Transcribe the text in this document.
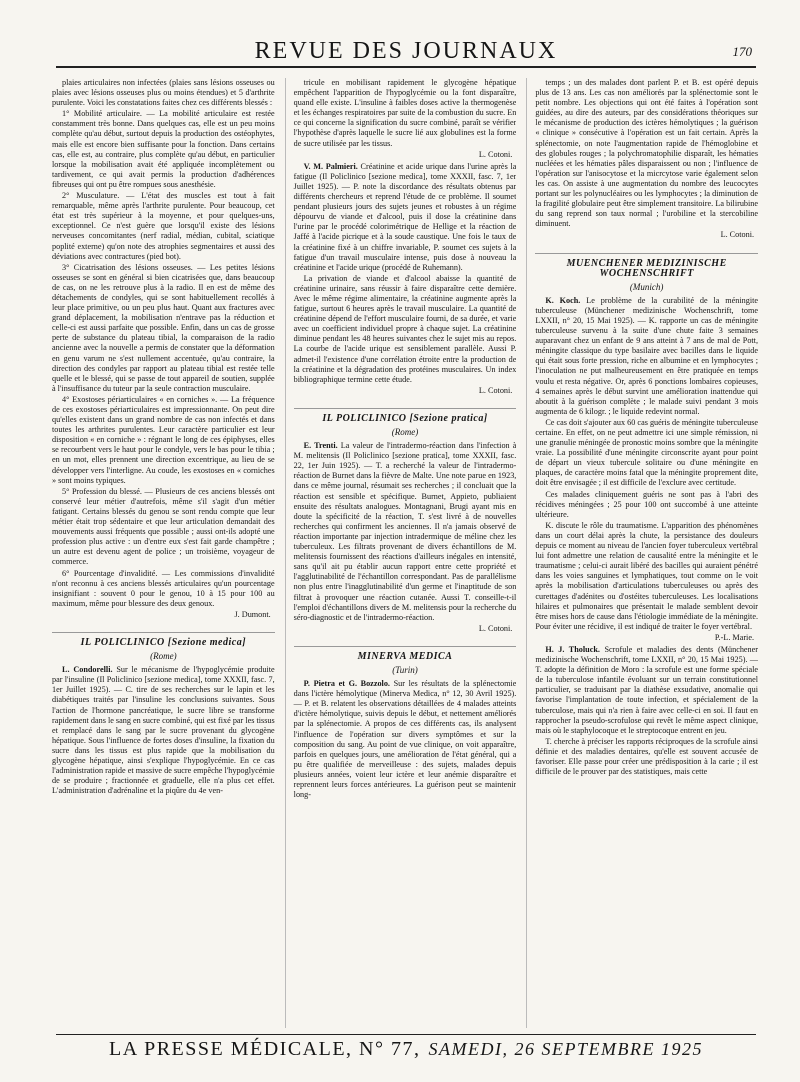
REVUE DES JOURNAUX	170

plaies articulaires non infectées (plaies sans lésions osseuses ou plaies avec lésions osseuses plus ou moins étendues) et 5 d'arthrite purulente. Voici les constatations faites chez ces différents blessés :

1° Mobilité articulaire. — La mobilité articulaire est restée constamment très bonne. Dans quelques cas, elle est un peu moins complète qu'au début, surtout depuis la production des ostéophytes, mais elle est encore bien suffisante pour la fonction. Dans certains cas, elle est, au contraire, plus complète qu'au début, en particulier lorsque la mobilisation avait été appliquée incomplètement ou tardivement, ce qui avait permis la production d'adhérences fibreuses qui ont pu être rompues sous anesthésie.

2° Musculature. — L'état des muscles est tout à fait remarquable, même après l'arthrite purulente. Pour beaucoup, cet état est très supérieur à la moyenne, et pour quelques-uns, exceptionnel. Ce n'est guère que lorsqu'il existe des lésions nerveuses concomitantes (nerf radial, médian, cubital, sciatique poplité externe) qu'on note des atrophies segmentaires et aussi des déviations avec contractures (pied bot).

3° Cicatrisation des lésions osseuses. — Les petites lésions osseuses se sont en général si bien cicatrisées que, dans beaucoup de cas, on ne les retrouve plus à la radio. Il en est de même des détachements de condyles, qui se sont habituellement recollés à leur place primitive, ou un peu plus haut. Quant aux fractures avec grand déplacement, la mobilisation n'entrave pas la réduction et celle-ci est aussi parfaite que possible. Enfin, dans un cas de grosse perte de substance du plateau tibial, la comparaison de la radio ancienne avec la nouvelle a permis de constater que la déformation en genu varum ne s'est nullement accentuée, qu'au contraire, la direction des condyles par rapport au plateau tibial est restée telle quelle et le blessé, qui se passe de tout appareil de soutien, supplée à l'insuffisance du tuteur par la seule contraction musculaire.

4° Exostoses périarticulaires « en corniches ». — La fréquence de ces exostoses périarticulaires est impressionnante. On peut dire qu'elles existent dans un grand nombre de cas non infectés et dans toutes les arthrites purulentes. Leur caractère particulier est leur disposition « en corniche » : régnant le long de ces épiphyses, elles se recourbent vers le haut pour le condyle, vers le bas pour le tibia ; en un mot, elles prennent une direction excentrique, au lieu de se développer vers l'interligne. Au coude, les exostoses en « corniches » sont moins typiques.

5° Profession du blessé. — Plusieurs de ces anciens blessés ont conservé leur métier d'autrefois, même s'il s'agit d'un métier fatigant. Certains blessés du genou se sont rendu compte que leur métier était trop sédentaire et que leur articulation demandait des mouvements aussi fréquents que possible ; aussi ont-ils adopté une profession plus active : un d'entre eux s'est fait garde champêtre ; un autre est devenu agent de police ; un troisième, voyageur de commerce.

6° Pourcentage d'invalidité. — Les commissions d'invalidité n'ont reconnu à ces anciens blessés articulaires qu'un pourcentage insignifiant : souvent 0 pour le genou, 10 à 15 pour 100 au maximum, même pour blessure des deux genoux.

J. Dumont.
IL POLICLINICO [Sezione medica]
(Rome)

L. Condorelli. Sur le mécanisme de l'hypoglycémie produite par l'insuline (Il Policlinico [sezione medica], tome XXXII, fasc. 7, 1er Juillet 1925). — C. tire de ses recherches sur le lapin et les diabétiques traités par l'insuline les conclusions suivantes. Sous l'action de l'hormone pancréatique, le sucre libre se transforme rapidement dans le sang en sucre combiné, qui est fixé par les tissus et remplacé dans le sang par le sucre provenant du glycogène hépatique. Sous l'influence de fortes doses d'insuline, la fixation du sucre dans les tissus est plus rapide que la mobilisation du glycogène hépatique, ainsi s'explique l'hypoglycémie. En ce cas l'administration rapide et massive de sucre empêche l'hypoglycémie de se produire ; fractionnée et graduelle, elle n'a plus cet effet. L'administration d'adrénaline et la piqûre du 4e ven-

tricule en mobilisant rapidement le glycogène hépatique empêchent l'apparition de l'hypoglycémie ou la font disparaître, quand elle existe. L'insuline à faibles doses active la thermogenèse et les échanges respiratoires par suite de la combustion du sucre. En ce qui concerne la signification du sucre combiné, paraît se vérifier l'hypothèse d'après laquelle le sucre lié aux globulines est la forme de sucre utilisée par les tissus.

L. Cotoni.

V. M. Palmieri. Créatinine et acide urique dans l'urine après la fatigue (Il Policlinico [sezione medica], tome XXXII, fasc. 7, 1er Juillet 1925). — P. note la discordance des résultats obtenus par différents chercheurs et reprend l'étude de ce problème. Il soumet pendant plusieurs jours des sujets jeunes et robustes à un régime dépourvu de viande et d'alcool, puis il dose la créatinine dans l'urine par le procédé colorimétrique de Hellige et la réaction de Jaffé à l'acide picrique et à la soude caustique. Une fois le taux de la créatinine fixé à un chiffre invariable, P. soumet ces sujets à la fatigue d'un travail musculaire intense, puis dose à nouveau la créatinine et l'acide urique (procédé de Ruhemann).

La privation de viande et d'alcool abaisse la quantité de créatinine urinaire, sans réussir à faire disparaître cette dernière. Avec le même régime alimentaire, la créatinine augmente après la fatigue, surtout 6 heures après le travail musculaire. La quantité de créatinine dépend de l'effort musculaire fourni, de sa durée, et varie avec un coefficient individuel propre à chaque sujet. La créatinine diminue pendant les 48 heures suivantes chez le sujet mis au repos. La courbe de l'acide urique est sensiblement parallèle. Aussi P. admet-il l'existence d'une corrélation étroite entre la production de la créatinine et la dégradation des protéines musculaires. Un index bibliographique termine cette étude.

L. Cotoni.
IL POLICLINICO [Sezione pratica]
(Rome)

E. Trenti. La valeur de l'intradermo-réaction dans l'infection à M. melitensis (Il Policlinico [sezione pratica], tome XXXII, fasc. 22, 1er Juin 1925). — T. a recherché la valeur de l'intradermo-réaction de Burnet dans la fièvre de Malte. Une note parue en 1923, dans ce même journal, résumait ses recherches ; il concluait que la réaction est sensible et spécifique. Burnet, Appieto, publiaient ensuite des résultats analogues. Montagnani, Brugi ayant mis en doute la spécificité de la réaction, T. s'est livré à de nouvelles recherches qui confirment les anciennes. Il n'a jamais observé de réaction importante par injection intradermique de méline chez les tuberculeux. Les filtrats provenant de divers échantillons de M. melitensis fournissent des réactions d'ailleurs inégales en intensité, sans qu'il ait pu établir aucun rapport entre cette propriété et l'agglutinabilité de l'échantillon correspondant. Pas de parallélisme non plus entre l'inagglutinabilité d'un germe et l'inaptitude de son filtrat à provoquer une réaction cutanée. Aussi T. conseille-t-il l'emploi d'échantillons divers de M. melitensis pour la recherche du séro-diagnostic et de l'intradermo-réaction.

L. Cotoni.
MINERVA MEDICA
(Turin)

P. Pietra et G. Bozzolo. Sur les résultats de la splénectomie dans l'ictère hémolytique (Minerva Medica, n° 12, 30 Avril 1925). — P. et B. relatent les observations détaillées de 4 malades atteints d'ictère hémolytique, suivis depuis le début, et nettement améliorés par la splénectomie. A propos de ces différents cas, ils analysent l'influence de l'opération sur divers symptômes et sur la composition du sang. Au point de vue clinique, on voit apparaître, parfois en quelques jours, une amélioration de l'état général, qui a pu être qualifiée de merveilleuse : des sujets, malades depuis plusieurs années, voient leur ictère et leur anémie disparaître et reprennent leurs forces antérieures. La guérison peut se maintenir long-

temps ; un des malades dont parlent P. et B. est opéré depuis plus de 13 ans. Les cas non améliorés par la splénectomie sont le petit nombre. Les objections qui ont été faites à l'opération sont guidées, au dire des auteurs, par des considérations théoriques sur le mécanisme de production des ictères hémolytiques ; la guérison « clinique » consécutive à l'opération est un fait certain. Après la splénectomie, on note l'augmentation rapide de l'hémoglobine et des globules rouges ; la polychromatophilie disparaît, les hématies nucléées et les hématies pâles disparaissent ou non ; l'influence de l'opération sur l'anisocytose et la micrcytose varie également selon les cas. On assiste à une augmentation du nombre des leucocytes portant sur les polynucléaires ou les lymphocytes ; la diminution de la fragilité globulaire peut être simplement transitoire. La bilirubine du sang reprend son taux normal ; l'urobiline et la stercobiline diminuent.

L. Cotoni.
MUENCHENER MEDIZINISCHE WOCHENSCHRIFT
(Munich)

K. Koch. Le problème de la curabilité de la méningite tuberculeuse (Münchener medizinische Wochenschrift, tome LXXII, n° 20, 15 Mai 1925). — K. rapporte un cas de méningite tuberculeuse survenu à la suite d'une chute faite 3 semaines auparavant chez un enfant de 9 ans atteint à 7 ans de mal de Pott, méningite classique du type basilaire avec bacilles dans le liquide qui était sous forte pression, riche en albumine et en lymphocytes ; l'inoculation ne put malheureusement en être pratiquée en temps voulu et resta négative. Or, après 6 ponctions lombaires copieuses, 4 semaines après le début survint une amélioration inattendue qui aboutit à la guérison complète ; le malade suivi pendant 3 mois augmenta de 6 kilogr. ; le liquide redevint normal.

Ce cas doit s'ajouter aux 60 cas guéris de méningite tuberculeuse certaine. En effet, on ne peut admettre ici une simple rémission, ni une granulie méningée de pronostic moins sombre que la méningite vraie. La possibilité d'une méningite circonscrite ayant pour point de départ un vieux tubercule solitaire ou d'une méningite en plaques, de caractère moins fatal que la méningite proprement dite, doit être envisagée ; il est difficile de l'exclure avec certitude.

Ces malades cliniquement guéris ne sont pas à l'abri des récidives méningées ; 25 pour 100 ont succombé à une atteinte ultérieure.

K. discute le rôle du traumatisme. L'apparition des phénomènes dans un court délai après la chute, la persistance des douleurs depuis ce moment au niveau de l'ancien foyer tuberculeux vertébral lui font admettre une relation de causalité entre la méningite et le traumatisme ; celui-ci aurait libéré des bacilles qui auraient pénétré dans les voies sanguines et lymphatiques, tout comme on le voit après la mobilisation d'articulations tuberculeuses ou après des curettages d'adénites ou d'ostéites tuberculeuses. Les localisations hilaires et pulmonaires que présentait le malade semblent devoir être mises hors de cause dans l'étiologie immédiate de la méningite. Pour éviter une récidive, il est indiqué de traiter le foyer vertébral.

P.-L. Marie.

H. J. Tholuck. Scrofule et maladies des dents (Münchener medizinische Wochenschrift, tome LXXII, n° 20, 15 Mai 1925). — T. adopte la définition de Moro : la scrofule est une forme spéciale de la tuberculose infantile évoluant sur un terrain constitutionnel particulier, se traduisant par la diathèse exsudative, anomalie qui favorise l'implantation de toute infection, et spécialement de la tuberculose, mais qui n'a rien à faire avec celle-ci en soi. Il faut en rapprocher la pseudo-scrofulose qui revêt le même aspect clinique, mais où le staphylocoque et le streptocoque entrent en jeu.

T. cherche à préciser les rapports réciproques de la scrofule ainsi définie et des maladies dentaires, qu'elle est souvent accusée de favoriser. Elle passe pour créer une prédisposition à la carie ; il est difficile de le prouver par des statistiques, mais cette

LA PRESSE MÉDICALE, N° 77, SAMEDI, 26 SEPTEMBRE 1925
